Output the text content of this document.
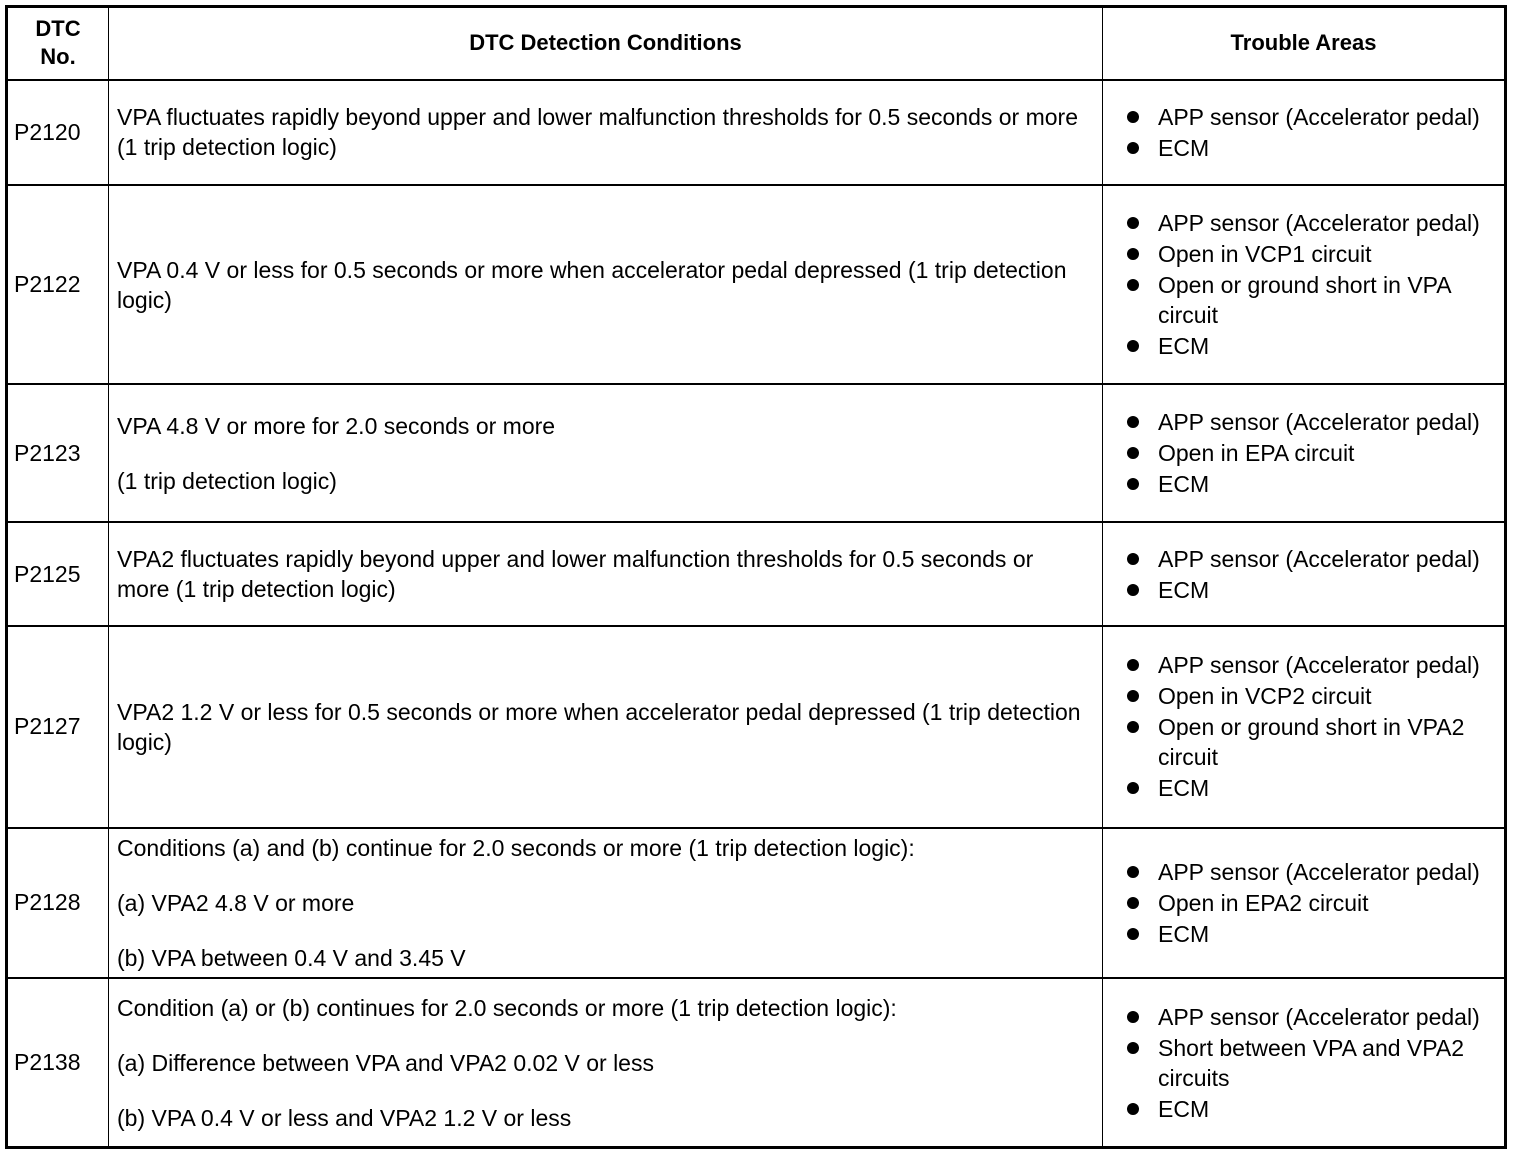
DTC No.
DTC Detection Conditions	Trouble Areas
P2120

VPA fluctuates rapidly beyond upper and lower malfunction thresholds for 0.5 seconds or more (1 trip detection logic)

APP sensor (Accelerator pedal)
ECM
P2122

VPA 0.4 V or less for 0.5 seconds or more when accelerator pedal depressed (1 trip detection logic)

APP sensor (Accelerator pedal)
Open in VCP1 circuit
Open or ground short in VPA circuit
ECM
P2123

VPA 4.8 V or more for 2.0 seconds or more

(1 trip detection logic)

APP sensor (Accelerator pedal)
Open in EPA circuit
ECM
P2125

VPA2 fluctuates rapidly beyond upper and lower malfunction thresholds for 0.5 seconds or more (1 trip detection logic)

APP sensor (Accelerator pedal)
ECM
P2127

VPA2 1.2 V or less for 0.5 seconds or more when accelerator pedal depressed (1 trip detection logic)

APP sensor (Accelerator pedal)
Open in VCP2 circuit
Open or ground short in VPA2 circuit
ECM
P2128

Conditions (a) and (b) continue for 2.0 seconds or more (1 trip detection logic):

(a) VPA2 4.8 V or more

(b) VPA between 0.4 V and 3.45 V

APP sensor (Accelerator pedal)
Open in EPA2 circuit
ECM
P2138

Condition (a) or (b) continues for 2.0 seconds or more (1 trip detection logic):

(a) Difference between VPA and VPA2 0.02 V or less

(b) VPA 0.4 V or less and VPA2 1.2 V or less

APP sensor (Accelerator pedal)
Short between VPA and VPA2 circuits
ECM
